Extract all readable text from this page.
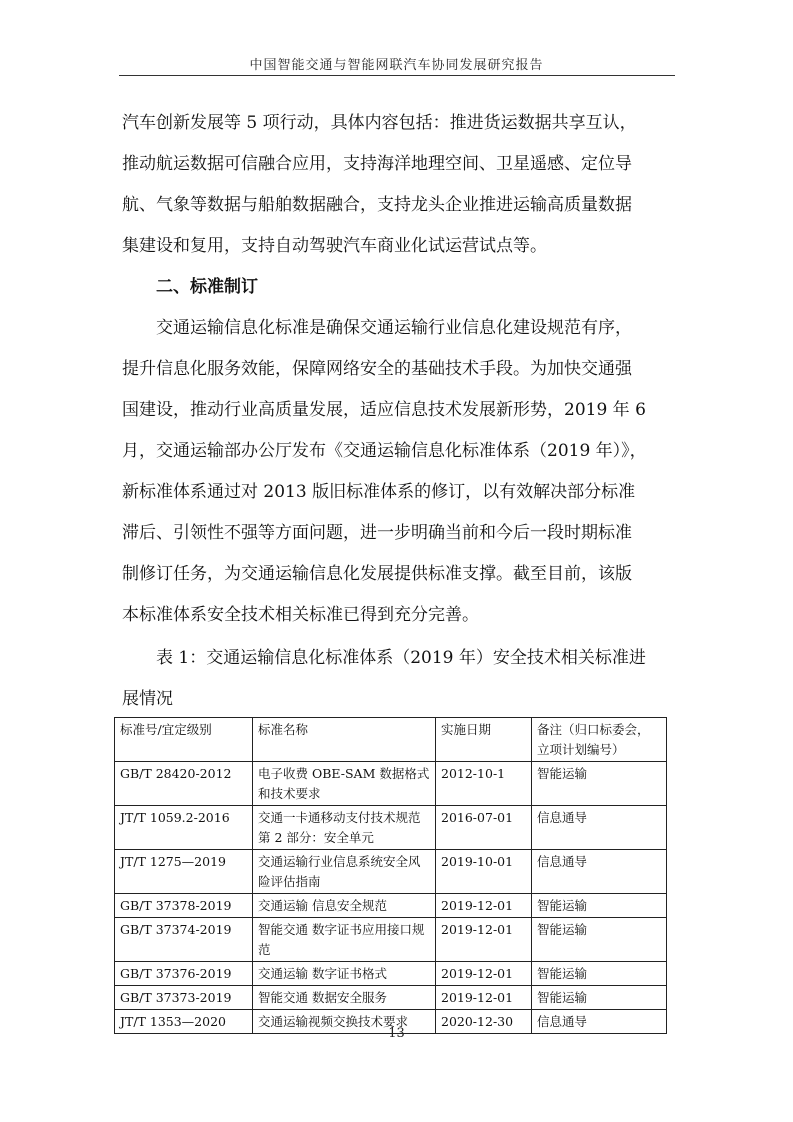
中国智能交通与智能网联汽车协同发展研究报告
汽车创新发展等 5 项行动，具体内容包括：推进货运数据共享互认，
推动航运数据可信融合应用，支持海洋地理空间、卫星遥感、定位导
航、气象等数据与船舶数据融合，支持龙头企业推进运输高质量数据
集建设和复用，支持自动驾驶汽车商业化试运营试点等。
二、标准制订
交通运输信息化标准是确保交通运输行业信息化建设规范有序，
提升信息化服务效能，保障网络安全的基础技术手段。为加快交通强
国建设，推动行业高质量发展，适应信息技术发展新形势，2019 年 6
月，交通运输部办公厅发布《交通运输信息化标准体系（2019 年）》，
新标准体系通过对 2013 版旧标准体系的修订，以有效解决部分标准
滞后、引领性不强等方面问题，进一步明确当前和今后一段时期标准
制修订任务，为交通运输信息化发展提供标准支撑。截至目前，该版
本标准体系安全技术相关标准已得到充分完善。
表 1：交通运输信息化标准体系（2019 年）安全技术相关标准进
展情况
标准号/宜定级别	标准名称	实施日期	备注（归口标委会，立项计划编号）
GB/T 28420-2012	电子收费 OBE-SAM 数据格式和技术要求	2012-10-1	智能运输
JT/T 1059.2-2016	交通一卡通移动支付技术规范 第 2 部分：安全单元	2016-07-01	信息通导
JT/T 1275—2019	交通运输行业信息系统安全风险评估指南	2019-10-01	信息通导
GB/T 37378-2019	交通运输 信息安全规范	2019-12-01	智能运输
GB/T 37374-2019	智能交通 数字证书应用接口规范	2019-12-01	智能运输
GB/T 37376-2019	交通运输 数字证书格式	2019-12-01	智能运输
GB/T 37373-2019	智能交通 数据安全服务	2019-12-01	智能运输
JT/T 1353—2020	交通运输视频交换技术要求	2020-12-30	信息通导
13
